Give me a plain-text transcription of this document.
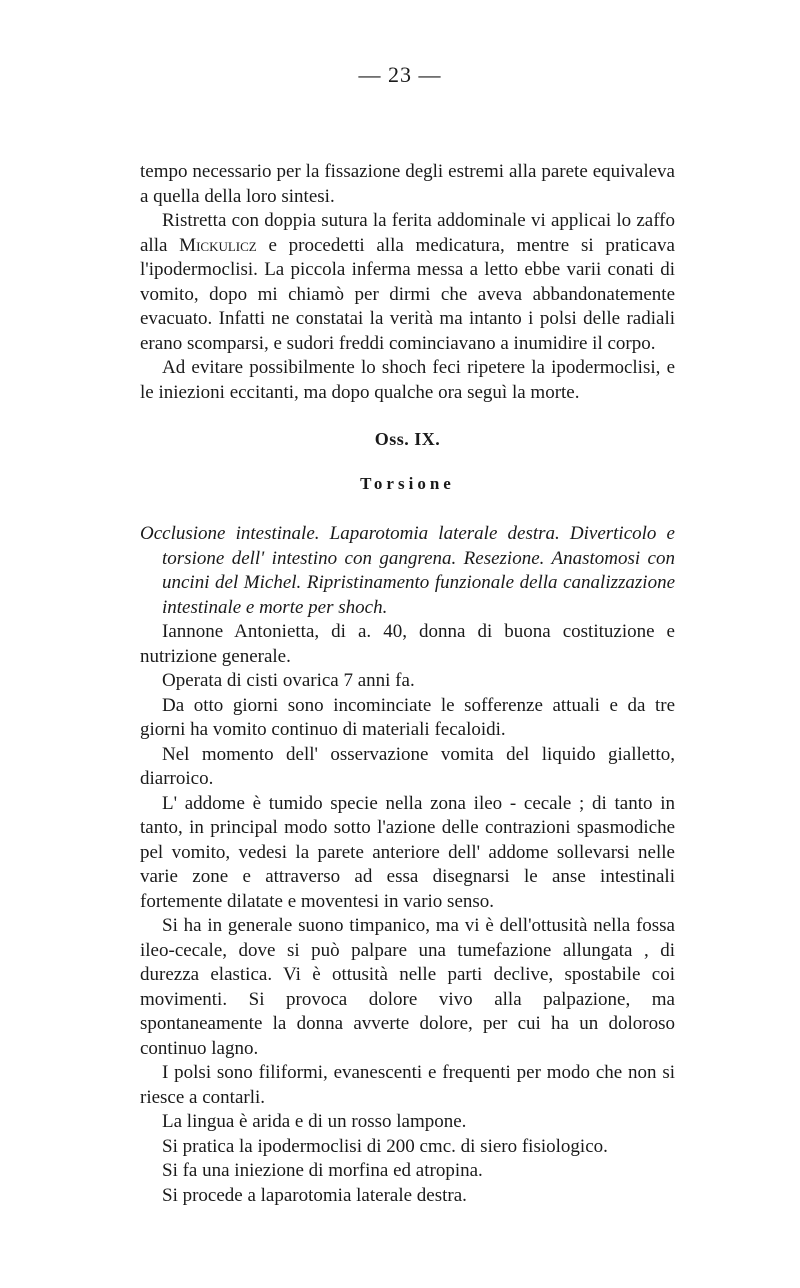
— 23 —

tempo necessario per la fissazione degli estremi alla parete equivaleva a quella della loro sintesi.

Ristretta con doppia sutura la ferita addominale vi applicai lo zaffo alla Mickulicz e procedetti alla medicatura, mentre si praticava l'ipodermoclisi. La piccola inferma messa a letto ebbe varii conati di vomito, dopo mi chiamò per dirmi che aveva abbandonatemente evacuato. Infatti ne constatai la verità ma intanto i polsi delle radiali erano scomparsi, e sudori freddi cominciavano a inumidire il corpo.

Ad evitare possibilmente lo shoch feci ripetere la ipodermoclisi, e le iniezioni eccitanti, ma dopo qualche ora seguì la morte.

Oss. IX.
Torsione

Occlusione intestinale. Laparotomia laterale destra. Diverticolo e torsione dell' intestino con gangrena. Resezione. Anastomosi con uncini del Michel. Ripristinamento funzionale della canalizzazione intestinale e morte per shoch.

Iannone Antonietta, di a. 40, donna di buona costituzione e nutrizione generale.

Operata di cisti ovarica 7 anni fa.

Da otto giorni sono incominciate le sofferenze attuali e da tre giorni ha vomito continuo di materiali fecaloidi.

Nel momento dell' osservazione vomita del liquido gialletto, diarroico.

L' addome è tumido specie nella zona ileo - cecale ; di tanto in tanto, in principal modo sotto l'azione delle contrazioni spasmodiche pel vomito, vedesi la parete anteriore dell' addome sollevarsi nelle varie zone e attraverso ad essa disegnarsi le anse intestinali fortemente dilatate e moventesi in vario senso.

Si ha in generale suono timpanico, ma vi è dell'ottusità nella fossa ileo-cecale, dove si può palpare una tumefazione allungata , di durezza elastica. Vi è ottusità nelle parti declive, spostabile coi movimenti. Si provoca dolore vivo alla palpazione, ma spontaneamente la donna avverte dolore, per cui ha un doloroso continuo lagno.

I polsi sono filiformi, evanescenti e frequenti per modo che non si riesce a contarli.

La lingua è arida e di un rosso lampone.

Si pratica la ipodermoclisi di 200 cmc. di siero fisiologico.

Si fa una iniezione di morfina ed atropina.

Si procede a laparotomia laterale destra.
